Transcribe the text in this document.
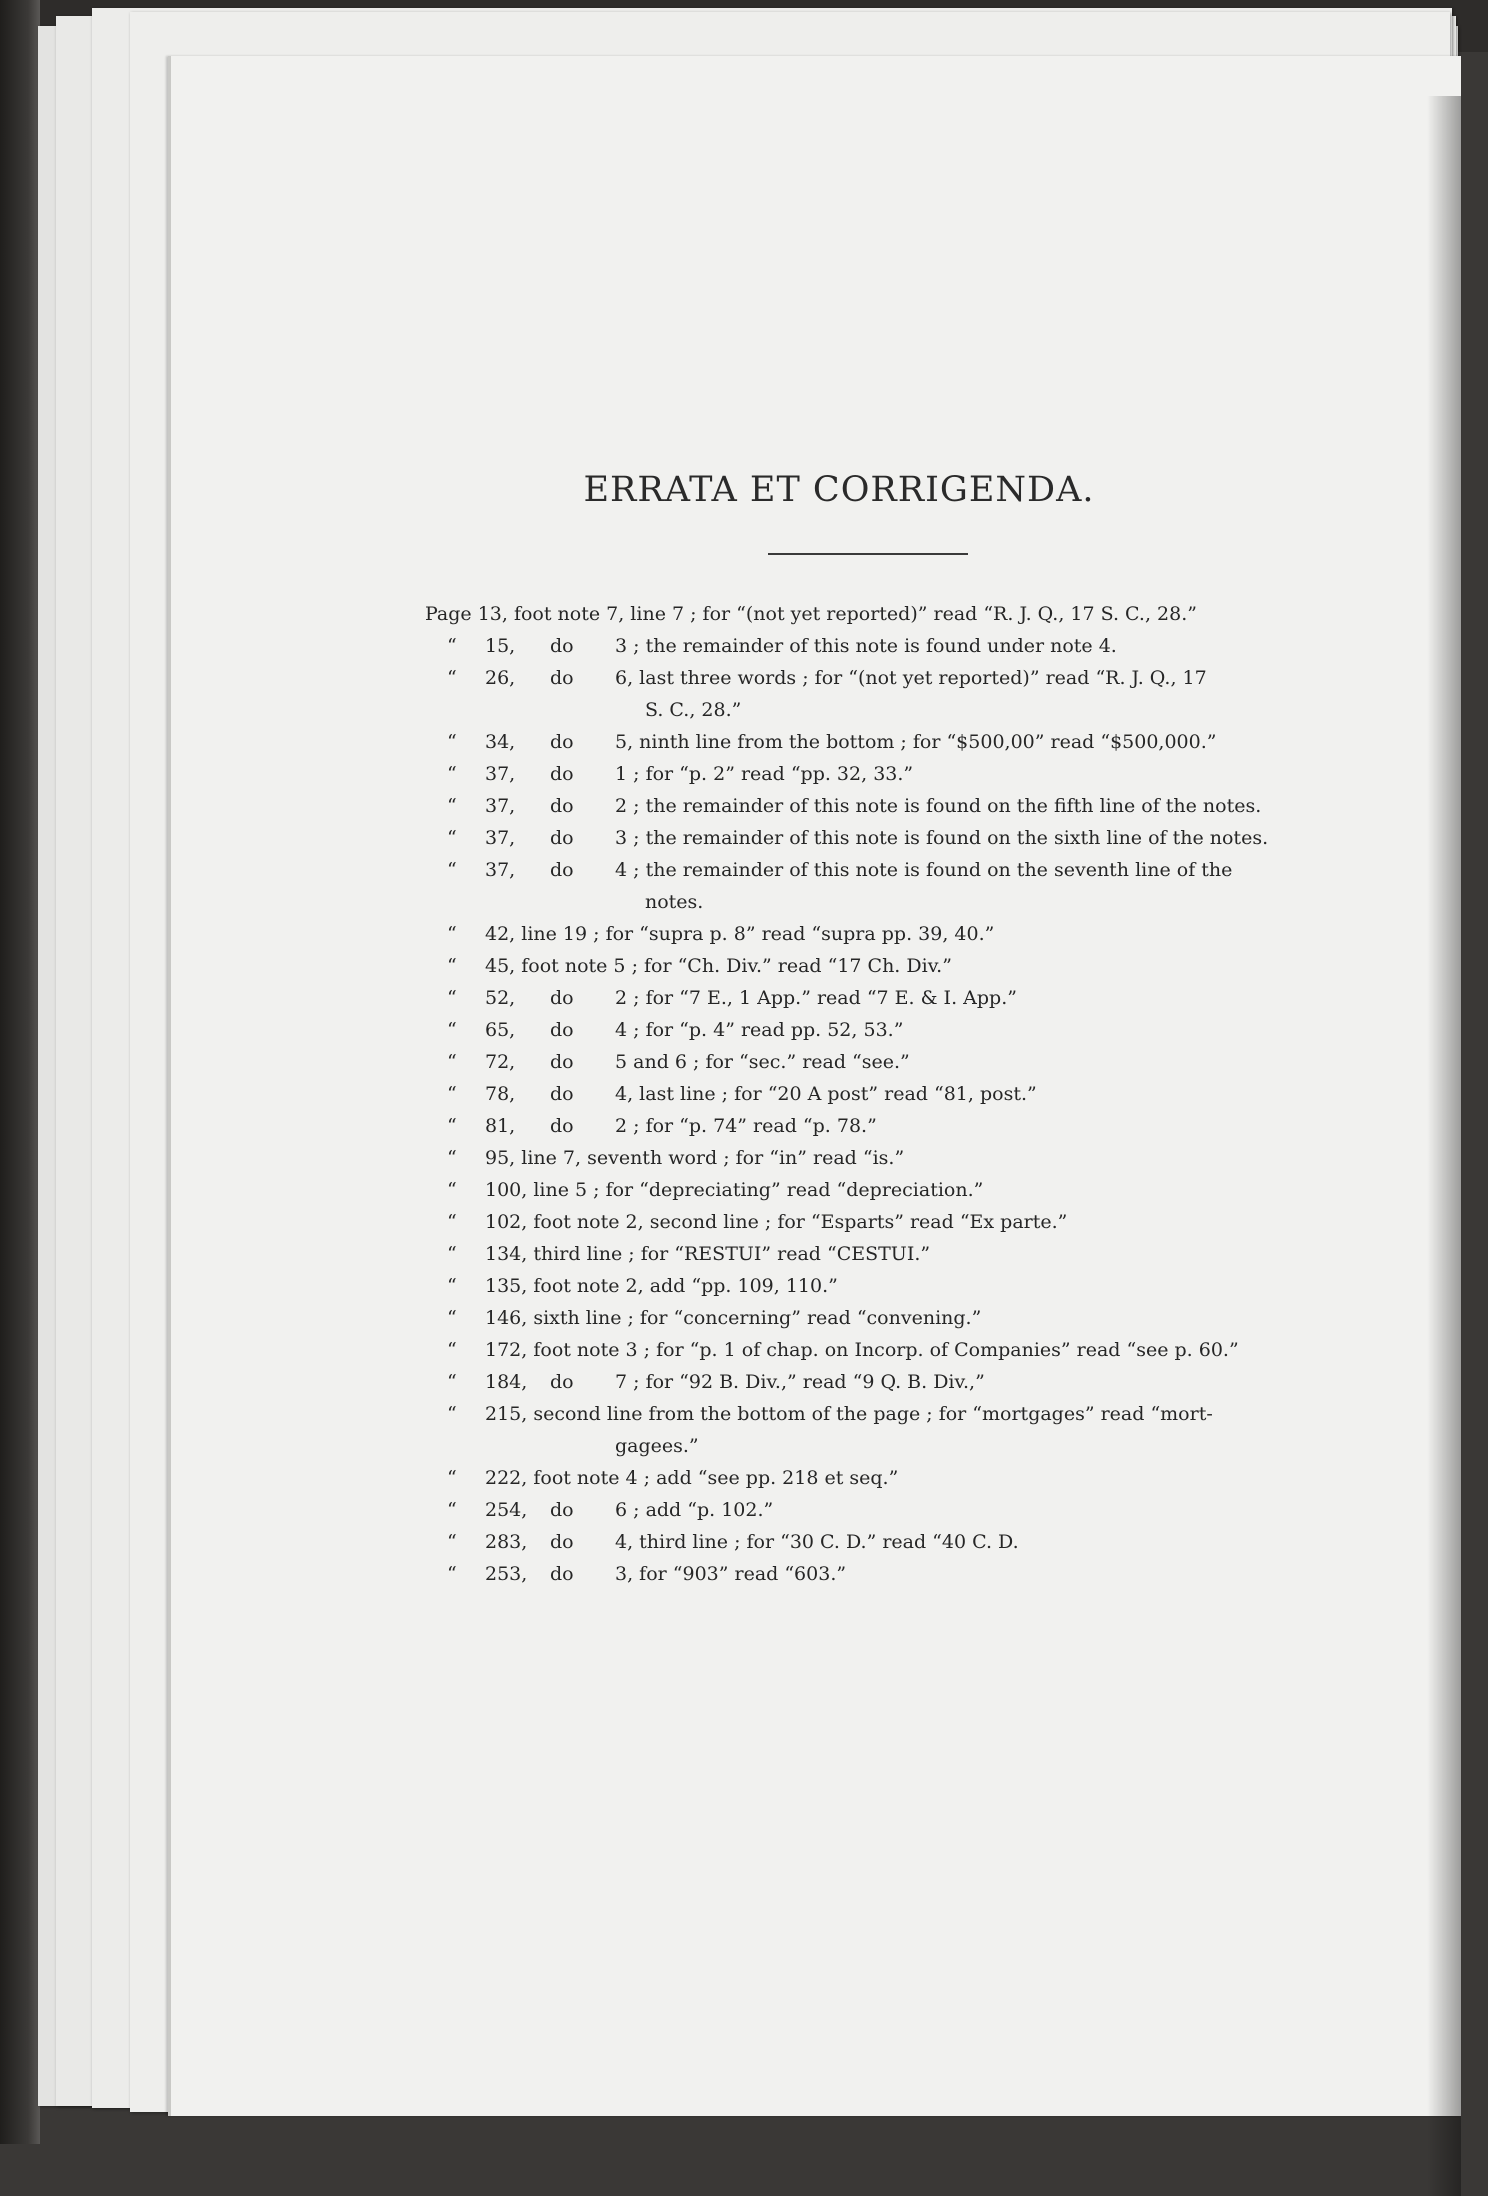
ERRATA ET CORRIGENDA.
Page 13, foot note 7, line 7 ; for “(not yet reported)” read “R. J. Q., 17 S. C., 28.”
“ 15, do 3 ; the remainder of this note is found under note 4.
“ 26, do 6, last three words ; for “(not yet reported)” read “R. J. Q., 17
S. C., 28.”
“ 34, do 5, ninth line from the bottom ; for “$500,00” read “$500,000.”
“ 37, do 1 ; for “p. 2” read “pp. 32, 33.”
“ 37, do 2 ; the remainder of this note is found on the fifth line of the notes.
“ 37, do 3 ; the remainder of this note is found on the sixth line of the notes.
“ 37, do 4 ; the remainder of this note is found on the seventh line of the
notes.
“ 42, line 19 ; for “supra p. 8” read “supra pp. 39, 40.”
“ 45, foot note 5 ; for “Ch. Div.” read “17 Ch. Div.”
“ 52, do 2 ; for “7 E., 1 App.” read “7 E. & I. App.”
“ 65, do 4 ; for “p. 4” read pp. 52, 53.”
“ 72, do 5 and 6 ; for “sec.” read “see.”
“ 78, do 4, last line ; for “20 A post” read “81, post.”
“ 81, do 2 ; for “p. 74” read “p. 78.”
“ 95, line 7, seventh word ; for “in” read “is.”
“ 100, line 5 ; for “depreciating” read “depreciation.”
“ 102, foot note 2, second line ; for “Esparts” read “Ex parte.”
“ 134, third line ; for “RESTUI” read “CESTUI.”
“ 135, foot note 2, add “pp. 109, 110.”
“ 146, sixth line ; for “concerning” read “convening.”
“ 172, foot note 3 ; for “p. 1 of chap. on Incorp. of Companies” read “see p. 60.”
“ 184, do 7 ; for “92 B. Div.,” read “9 Q. B. Div.,”
“ 215, second line from the bottom of the page ; for “mortgages” read “mort-
gagees.”
“ 222, foot note 4 ; add “see pp. 218 et seq.”
“ 254, do 6 ; add “p. 102.”
“ 283, do 4, third line ; for “30 C. D.” read “40 C. D.
“ 253, do 3, for “903” read “603.”
